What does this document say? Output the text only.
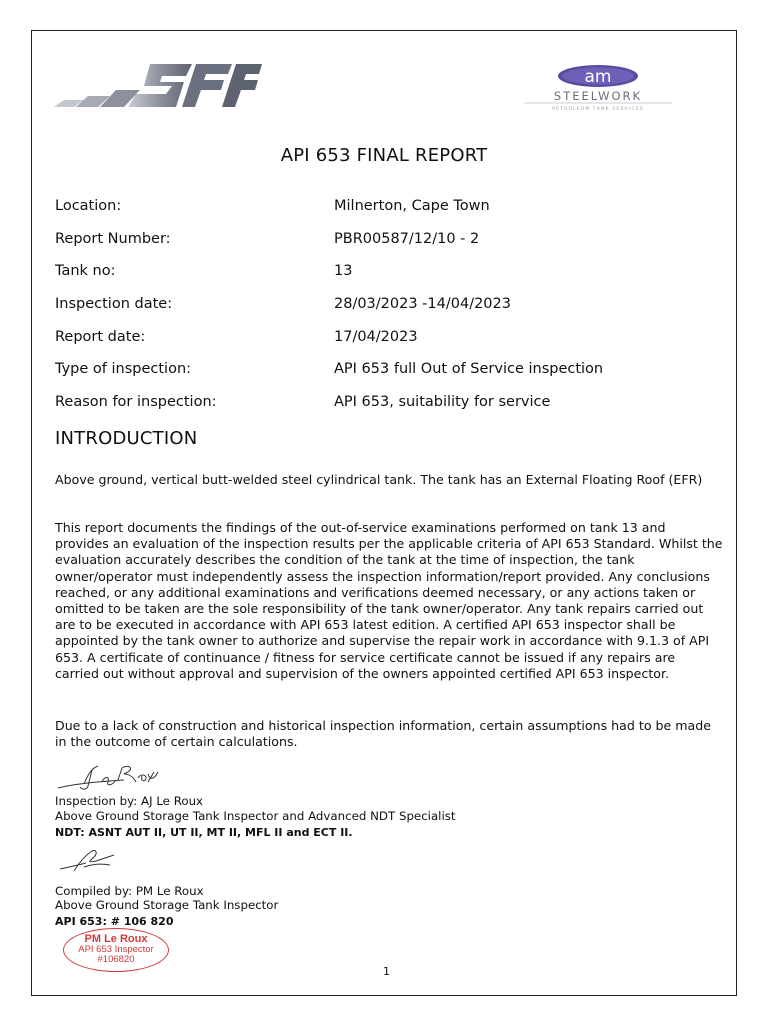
am
STEELWORK
PETROLEUM TANK SERVICES
API 653 FINAL REPORT
Location:	Milnerton, Cape Town
Report Number:	PBR00587/12/10 - 2
Tank no:	13
Inspection date:	28/03/2023 -14/04/2023
Report date:	17/04/2023
Type of inspection:	API 653 full Out of Service inspection
Reason for inspection:	API 653, suitability for service
INTRODUCTION
Above ground, vertical butt-welded steel cylindrical tank. The tank has an External Floating Roof (EFR)
This report documents the findings of the out-of-service examinations performed on tank 13 and provides an evaluation of the inspection results per the applicable criteria of API 653 Standard. Whilst the evaluation accurately describes the condition of the tank at the time of inspection, the tank owner/operator must independently assess the inspection information/report provided. Any conclusions reached, or any additional examinations and verifications deemed necessary, or any actions taken or omitted to be taken are the sole responsibility of the tank owner/operator. Any tank repairs carried out are to be executed in accordance with API 653 latest edition. A certified API 653 inspector shall be appointed by the tank owner to authorize and supervise the repair work in accordance with 9.1.3 of API 653. A certificate of continuance / fitness for service certificate cannot be issued if any repairs are carried out without approval and supervision of the owners appointed certified API 653 inspector.
Due to a lack of construction and historical inspection information, certain assumptions had to be made in the outcome of certain calculations.
Inspection by: AJ Le Roux
Above Ground Storage Tank Inspector and Advanced NDT Specialist
NDT: ASNT AUT II, UT II, MT II, MFL II and ECT II.
Compiled by: PM Le Roux
Above Ground Storage Tank Inspector
API 653: # 106 820
PM Le Roux
API 653 Inspector
#106820
1
